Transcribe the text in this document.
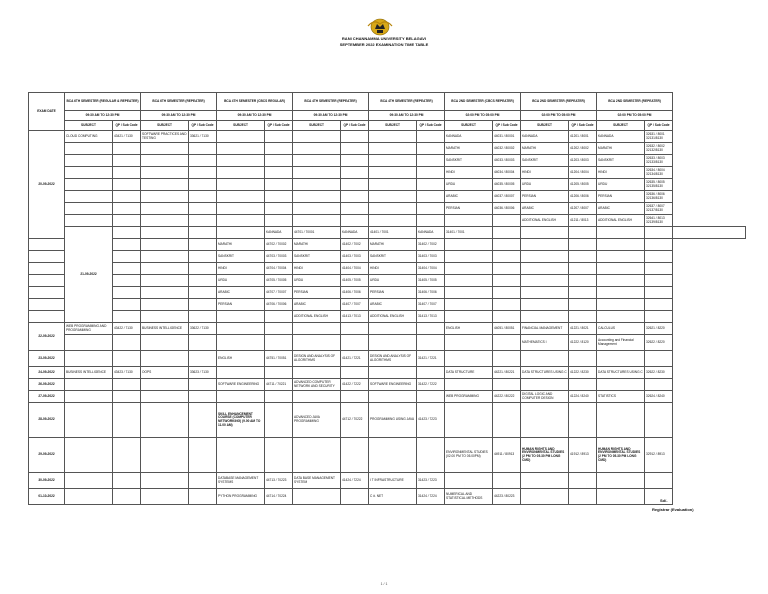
RANI CHANNAMMA UNIVERSITY BELAGAVI
SEPTEMBER 2022 EXAMINATION TIME TABLE
EXAM DATE	BCA 6TH SEMESTER (REGULAR & REPEATER)		BCA 6TH SEMESTER (REPEATER)		BCA 4TH SEMESTER (CBCS REGULAR)		BCA 4TH SEMESTER (REPEATER)		BCA 4TH SEMESTER (REPEATER)		BCA 2ND SEMESTER (CBCS REPEATER)		BCA 2ND SEMESTER (REPEATER)		BCA 2ND SEMESTER (REPEATER)		
	09:30 AM TO 12:30 PM		09:30 AM TO 12:30 PM		09:30 AM TO 12:30 PM		09:30 AM TO 12:30 PM		09:30 AM TO 12:30 PM		02:00 PM TO 05:00 PM		02:00 PM TO 05:00 PM		02:00 PM TO 05:00 PM		
	SUBJECT	QP / Sub Code	SUBJECT	QP / Sub Code	SUBJECT	QP / Sub Code	SUBJECT	QP / Sub Code	SUBJECT	QP / Sub Code	SUBJECT	QP / Sub Code	SUBJECT	QP / Sub Code	SUBJECT	QP / Sub Code	
20-09-2022	CLOUD COMPUTING	43421 / 7130	SOFTWARE PRACTICES AND TESTING	33621 / 7130							KANNADA	44031 / 80001	KANNADA	41201 / 8001	KANNADA	32631 / 8001 32131/8130	
											MARATHI	44032 / 80002	MARATHI	41202 / 8002	MARATHI	32632 / 8002 32132/8130	
											SANSKRIT	44033 / 80003	SANSKRIT	41203 / 8003	SANSKRIT	32633 / 8003 32133/8130	
											HINDI	44034 / 80004	HINDI	41204 / 8004	HINDI	32634 / 8004 32134/8130	
											URDU	44035 / 80005	URDU	41205 / 8005	URDU	32635 / 8005 32135/8130	
											ARABIC	44037 / 80007	PERSIAN	41206 / 8006	PERSIAN	32636 / 8006 32136/8130	
											PERSIAN	44036 / 80006	ARABIC	41207 / 8007	ARABIC	32637 / 8007 32137/8130	
													ADDITIONAL ENGLISH	41211 / 8013	ADDITIONAL ENGLISH	32641 / 8013 32139/8130	
	21-09-2022					KANNADA	44701 / 70001	KANNADA	41401 / 7001	KANNADA	31401 / 7001						
					MARATHI	44702 / 70002	MARATHI	41402 / 7002	MARATHI	31402 / 7002							
					SANSKRIT	44703 / 70003	SANSKRIT	41403 / 7003	SANSKRIT	31403 / 7003							
					HINDI	44704 / 70004	HINDI	41404 / 7004	HINDI	31404 / 7004							
					URDU	44705 / 70005	URDU	41405 / 7005	URDU	31405 / 7005							
					ARABIC	44707 / 70007	PERSIAN	41406 / 7006	PERSIAN	31406 / 7006							
					PERSIAN	44706 / 70006	ARABIC	41407 / 7007	ARABIC	31407 / 7007							
							ADDITIONAL ENGLISH	41413 / 7013	ADDITIONAL ENGLISH	31413 / 7013							
22-09-2022	WEB PROGRAMMING AND PROGRAMMING	43422 / 7130	BUSINESS INTELLIGENCE	33622 / 7130							ENGLISH	44051 / 80051	FINANCIAL MANAGEMENT	41221 / 8021	CALCULUS	32621 / 8220	
													MATHEMATICS I	41222 / 8120	Accounting and Financial Management	32622 / 8220	
23-09-2022					ENGLISH	44751 / 70051	DESIGN AND ANALYSIS OF ALGORITHMS	41421 / 7221	DESIGN AND ANALYSIS OF ALGORITHMS	31421 / 7221							
24-09-2022	BUSINESS INTELLIGENCE	43423 / 7130	OOPS	33623 / 7130							DATA STRUCTURE	44221 / 80221	DATA STRUCTURES USING C	41222 / 8230	DATA STRUCTURES USING C	32622 / 8230	
26-09-2022					SOFTWARE ENGINEERING	44711 / 70221	ADVANCED COMPUTER NETWORK AND SECURITY	41422 / 7222	SOFTWARE ENGINEERING	31422 / 7222							
27-09-2022											WEB PROGRAMMING	44222 / 80222	DIGITAL LOGIC AND COMPUTER DESIGN	41224 / 8240	STATISTICS	32624 / 8240	
28-09-2022					SKILL ENHANCEMENT COURSE (COMPUTER NETWORKING) (9.00 AM TO 11.00 AM)		ADVANCED JAVA PROGRAMMING	44712 / 70222	PROGRAMMING USING JAVA	41423 / 7223							
29-09-2022											ENVIRONMENTAL STUDIES (02.00 PM TO 05.00PM)	44911 / 80913	HUMAN RIGHTS AND ENVIRONMENTAL STUDIES (2 PM TO 05.30 PM LONG CMD)	41912 / 8913	HUMAN RIGHTS AND ENVIRONMENTAL STUDIES (2 PM TO 05.30 PM LONG CMD)	32912 / 8913	
30-09-2022					DATABASE MANAGEMENT SYSTEMS	44713 / 70223	DATA BASE MANAGEMENT SYSTEM	41424 / 7224	I T INFRASTRUCTURE	31423 / 7223							
01-10-2022					PYTHON PROGRAMMING	44714 / 70224			C #. NET	31424 / 7224	NUMERICAL AND STATISTICAL METHODS	44223 / 80223					
Sd/-
Registrar (Evaluation)
1 / 1
